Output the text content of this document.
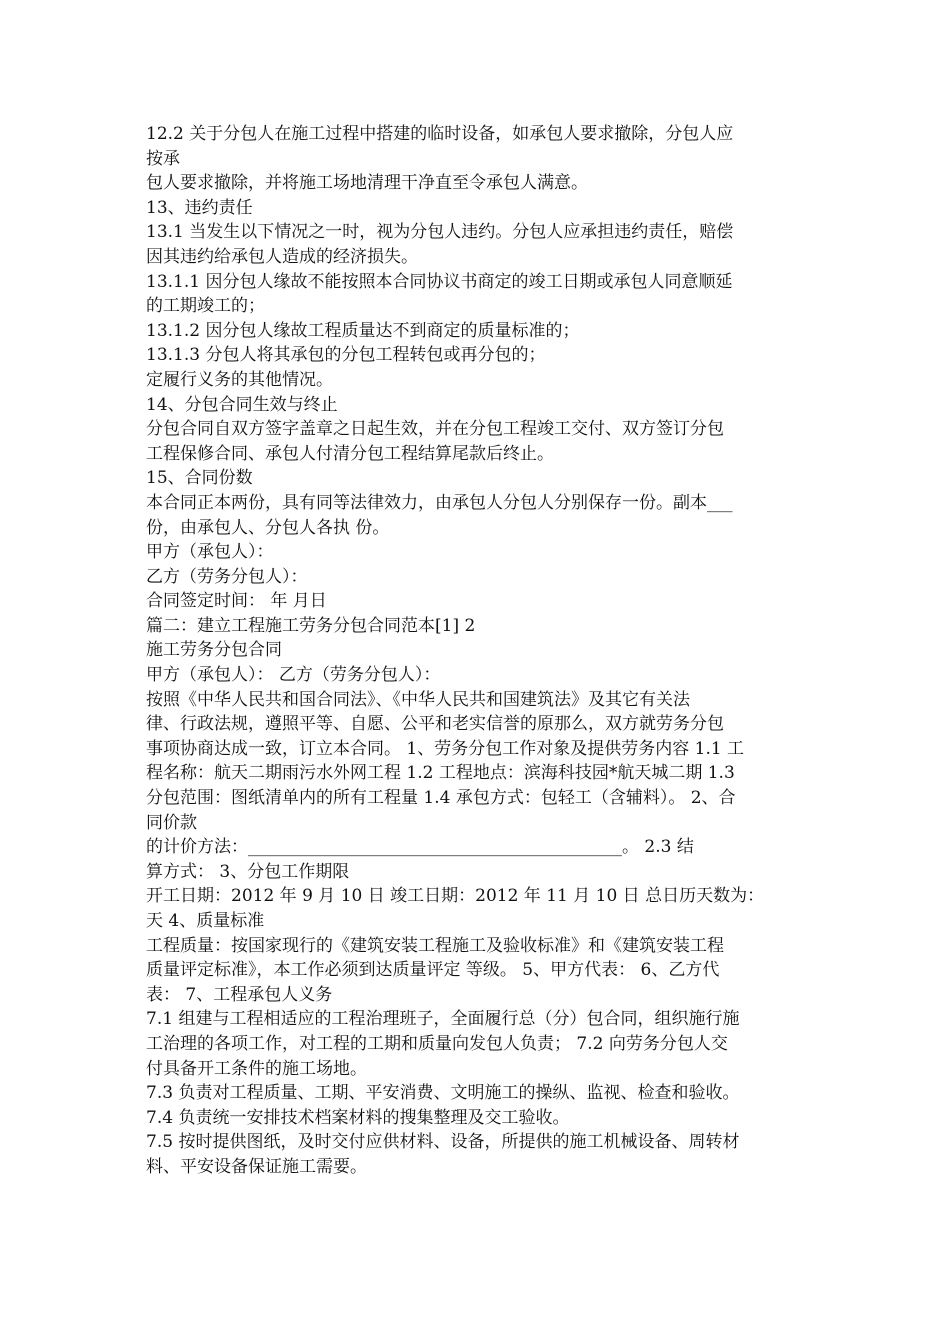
12.2 关于分包人在施工过程中搭建的临时设备，如承包人要求撤除，分包人应
按承
包人要求撤除，并将施工场地清理干净直至令承包人满意。
13、违约责任
13.1 当发生以下情况之一时，视为分包人违约。分包人应承担违约责任，赔偿
因其违约给承包人造成的经济损失。
13.1.1 因分包人缘故不能按照本合同协议书商定的竣工日期或承包人同意顺延
的工期竣工的；
13.1.2 因分包人缘故工程质量达不到商定的质量标准的；
13.1.3 分包人将其承包的分包工程转包或再分包的；
定履行义务的其他情况。
14、分包合同生效与终止
分包合同自双方签字盖章之日起生效，并在分包工程竣工交付、双方签订分包
工程保修合同、承包人付清分包工程结算尾款后终止。
15、合同份数
本合同正本两份，具有同等法律效力，由承包人分包人分别保存一份。副本___
份，由承包人、分包人各执 份。
甲方（承包人）：
乙方（劳务分包人）：
合同签定时间： 年 月日
篇二：建立工程施工劳务分包合同范本[1] 2
施工劳务分包合同
甲方（承包人）： 乙方（劳务分包人）：
按照《中华人民共和国合同法》、《中华人民共和国建筑法》及其它有关法
律、行政法规，遵照平等、自愿、公平和老实信誉的原那么，双方就劳务分包
事项协商达成一致，订立本合同。 1、劳务分包工作对象及提供劳务内容 1.1 工
程名称：航天二期雨污水外网工程 1.2 工程地点：滨海科技园*航天城二期 1.3
分包范围：图纸清单内的所有工程量 1.4 承包方式：包轻工（含辅料）。 2、合
同价款
的计价方法：____________________________________________。 2.3 结
算方式： 3、分包工作期限
开工日期：2012 年 9 月 10 日 竣工日期：2012 年 11 月 10 日 总日历天数为：
天 4、质量标准
工程质量：按国家现行的《建筑安装工程施工及验收标准》和《建筑安装工程
质量评定标准》，本工作必须到达质量评定 等级。 5、甲方代表： 6、乙方代
表： 7、工程承包人义务
7.1 组建与工程相适应的工程治理班子，全面履行总（分）包合同，组织施行施
工治理的各项工作，对工程的工期和质量向发包人负责； 7.2 向劳务分包人交
付具备开工条件的施工场地。
7.3 负责对工程质量、工期、平安消费、文明施工的操纵、监视、检查和验收。
7.4 负责统一安排技术档案材料的搜集整理及交工验收。
7.5 按时提供图纸，及时交付应供材料、设备，所提供的施工机械设备、周转材
料、平安设备保证施工需要。
